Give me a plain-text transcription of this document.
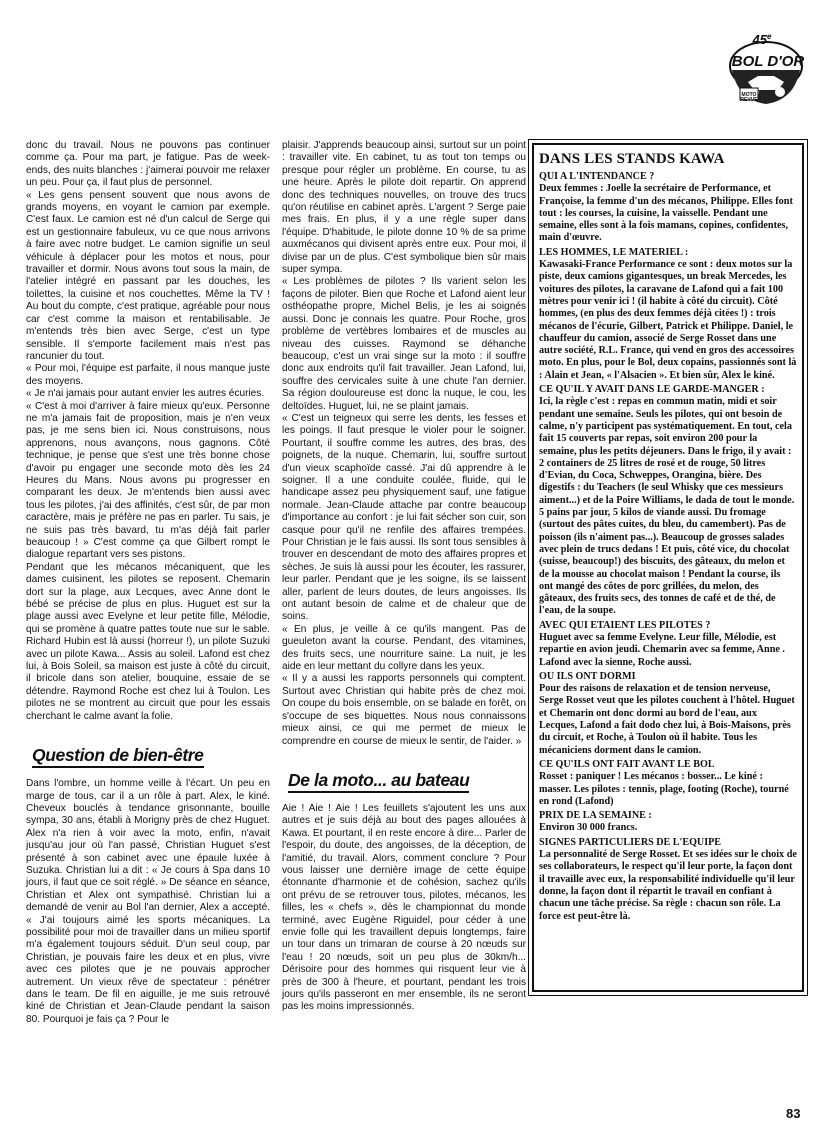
45e
BOL D'OR
MOTO
REVUE

donc du travail. Nous ne pouvons pas continuer comme ça. Pour ma part, je fatigue. Pas de week-ends, des nuits blanches : j'aimerai pouvoir me relaxer un peu. Pour ça, il faut plus de personnel.

« Les gens pensent souvent que nous avons de grands moyens, en voyant le camion par exemple. C'est faux. Le camion est né d'un calcul de Serge qui est un gestionnaire fabuleux, vu ce que nous arrivons à faire avec notre budget. Le camion signifie un seul véhicule à déplacer pour les motos et nous, pour travailler et dormir. Nous avons tout sous la main, de l'atelier intégré en passant par les douches, les toilettes, la cuisine et nos couchettes. Même la TV ! Au bout du compte, c'est pratique, agréable pour nous car c'est comme la maison et rentabilisable. Je m'entends très bien avec Serge, c'est un type sensible. Il s'emporte facilement mais n'est pas rancunier du tout.

« Pour moi, l'équipe est parfaite, il nous manque juste des moyens.

« Je n'ai jamais pour autant envier les autres écuries.

« C'est à moi d'arriver à faire mieux qu'eux. Personne ne m'a jamais fait de proposition, mais je n'en veux pas, je me sens bien ici. Nous construisons, nous apprenons, nous avançons, nous gagnons. Côté technique, je pense que s'est une très bonne chose d'avoir pu engager une seconde moto dès les 24 Heures du Mans. Nous avons pu progresser en comparant les deux. Je m'entends bien aussi avec tous les pilotes, j'ai des affinités, c'est sûr, de par mon caractère, mais je préfère ne pas en parler. Tu sais, je ne suis pas très bavard, tu m'as déjà fait parler beaucoup ! » C'est comme ça que Gilbert rompt le dialogue repartant vers ses pistons.

Pendant que les mécanos mécaniquent, que les dames cuisinent, les pilotes se reposent. Chemarin dort sur la plage, aux Lecques, avec Anne dont le bébé se précise de plus en plus. Huguet est sur la plage aussi avec Evelyne et leur petite fille, Mélodie, qui se promène à quatre pattes toute nue sur le sable. Richard Hubin est là aussi (horreur !), un pilote Suzuki avec un pilote Kawa... Assis au soleil. Lafond est chez lui, à Bois Soleil, sa maison est juste à côté du circuit, il bricole dans son atelier, bouquine, essaie de se détendre. Raymond Roche est chez lui à Toulon. Les pilotes ne se montrent au circuit que pour les essais cherchant le calme avant la folie.

Question de bien-être

Dans l'ombre, un homme veille à l'écart. Un peu en marge de tous, car il a un rôle à part. Alex, le kiné. Cheveux bouclés à tendance grisonnante, bouille sympa, 30 ans, établi à Morigny près de chez Huguet. Alex n'a rien à voir avec la moto, enfin, n'avait jusqu'au jour où l'an passé, Christian Huguet s'est présenté à son cabinet avec une épaule luxée à Suzuka. Christian lui a dit : « Je cours à Spa dans 10 jours, il faut que ce soit réglé. » De séance en séance, Christian et Alex ont sympathisé. Christian lui a demandé de venir au Bol l'an dernier, Alex a accepté. « J'ai toujours aimé les sports mécaniques. La possibilité pour moi de travailler dans un milieu sportif m'a également toujours séduit. D'un seul coup, par Christian, je pouvais faire les deux et en plus, vivre avec ces pilotes que je ne pouvais approcher autrement. Un vieux rêve de spectateur : pénétrer dans le team. De fil en aiguille, je me suis retrouvé kiné de Christian et Jean-Claude pendant la saison 80. Pourquoi je fais ça ? Pour le

plaisir. J'apprends beaucoup ainsi, surtout sur un point : travailler vite. En cabinet, tu as tout ton temps ou presque pour régler un problème. En course, tu as une heure. Après le pilote doit repartir. On apprend donc des techniques nouvelles, on trouve des trucs qu'on réutilise en cabinet après. L'argent ? Serge paie mes frais. En plus, il y a une règle super dans l'équipe. D'habitude, le pilote donne 10 % de sa prime auxmécanos qui divisent après entre eux. Pour moi, il divise par un de plus. C'est symbolique bien sûr mais super sympa.

« Les problèmes de pilotes ? Ils varient selon les façons de piloter. Bien que Roche et Lafond aient leur osthéopathe propre, Michel Belis, je les ai soignés aussi. Donc je connais les quatre. Pour Roche, gros problème de vertèbres lombaires et de muscles au niveau des cuisses. Raymond se déhanche beaucoup, c'est un vrai singe sur la moto : il souffre donc aux endroits qu'il fait travailler. Jean Lafond, lui, souffre des cervicales suite à une chute l'an dernier. Sa région douloureuse est donc la nuque, le cou, les deltoïdes. Huguet, lui, ne se plaint jamais.

« C'est un teigneux qui serre les dents, les fesses et les poings. Il faut presque le violer pour le soigner. Pourtant, il souffre comme les autres, des bras, des poignets, de la nuque. Chemarin, lui, souffre surtout d'un vieux scaphoïde cassé. J'ai dû apprendre à le soigner. Il a une conduite coulée, fluide, qui le handicape assez peu physiquement sauf, une fatigue normale. Jean-Claude attache par contre beaucoup d'importance au confort : je lui fait sécher son cuir, son casque pour qu'il ne renfile des affaires trempées. Pour Christian je le fais aussi. Ils sont tous sensibles à trouver en descendant de moto des affaires propres et sèches. Je suis là aussi pour les écouter, les rassurer, leur parler. Pendant que je les soigne, ils se laissent aller, parlent de leurs doutes, de leurs angoisses. Ils ont autant besoin de calme et de chaleur que de soins.

« En plus, je veille à ce qu'ils mangent. Pas de gueuleton avant la course. Pendant, des vitamines, des fruits secs, une nourriture saine. La nuit, je les aide en leur mettant du collyre dans les yeux.

« Il y a aussi les rapports personnels qui comptent. Surtout avec Christian qui habite près de chez moi. On coupe du bois ensemble, on se balade en forêt, on s'occupe de ses biquettes. Nous nous connaissons mieux ainsi, ce qui me permet de mieux le comprendre en course de mieux le sentir, de l'aider. »

De la moto... au bateau

Aie ! Aie ! Aie ! Les feuillets s'ajoutent les uns aux autres et je suis déjà au bout des pages allouées à Kawa. Et pourtant, il en reste encore à dire... Parler de l'espoir, du doute, des angoisses, de la déception, de l'amitié, du travail. Alors, comment conclure ? Pour vous laisser une dernière image de cette équipe étonnante d'harmonie et de cohésion, sachez qu'ils ont prévu de se retrouver tous, pilotes, mécanos, les filles, les « chefs », dès le championnat du monde terminé, avec Eugène Riguidel, pour céder à une envie folle qui les travaillent depuis longtemps, faire un tour dans un trimaran de course à 20 nœuds sur l'eau ! 20 nœuds, soit un peu plus de 30km/h... Dérisoire pour des hommes qui risquent leur vie à près de 300 à l'heure, et pourtant, pendant les trois jours qu'ils passeront en mer ensemble, ils ne seront pas les moins impressionnés.

DANS LES STANDS KAWA
QUI A L'INTENDANCE ?
Deux femmes : Joelle la secrétaire de Performance, et Françoise, la femme d'un des mécanos, Philippe. Elles font tout : les courses, la cuisine, la vaisselle. Pendant une semaine, elles sont à la fois mamans, copines, confidentes, main d'œuvre.
LES HOMMES, LE MATERIEL :
Kawasaki-France Performance ce sont : deux motos sur la piste, deux camions gigantesques, un break Mercedes, les voitures des pilotes, la caravane de Lafond qui a fait 100 mètres pour venir ici ! (il habite à côté du circuit). Côté hommes, (en plus des deux femmes déjà citées !) : trois mécanos de l'écurie, Gilbert, Patrick et Philippe. Daniel, le chauffeur du camion, associé de Serge Rosset dans une autre société, R.L. France, qui vend en gros des accessoires moto. En plus, pour le Bol, deux copains, passionnés sont là : Alain et Jean, « l'Alsacien ». Et bien sûr, Alex le kiné.
CE QU'IL Y AVAIT DANS LE GARDE-MANGER :
Ici, la règle c'est : repas en commun matin, midi et soir pendant une semaine. Seuls les pilotes, qui ont besoin de calme, n'y participent pas systématiquement. En tout, cela fait 15 couverts par repas, soit environ 200 pour la semaine, plus les petits déjeuners. Dans le frigo, il y avait : 2 containers de 25 litres de rosé et de rouge, 50 litres d'Evian, du Coca, Schweppes, Orangina, bière. Des digestifs : du Teachers (le seul Whisky que ces messieurs aiment...) et de la Poire Williams, le dada de tout le monde. 5 pains par jour, 5 kilos de viande aussi. Du fromage (surtout des pâtes cuites, du bleu, du camembert). Pas de poisson (ils n'aiment pas...). Beaucoup de grosses salades avec plein de trucs dedans ! Et puis, côté vice, du chocolat (suisse, beaucoup!) des biscuits, des gâteaux, du melon et de la mousse au chocolat maison ! Pendant la course, ils ont mangé des côtes de porc grillées, du melon, des gâteaux, des fruits secs, des tonnes de café et de thé, de l'eau, de la soupe.
AVEC QUI ETAIENT LES PILOTES ?
Huguet avec sa femme Evelyne. Leur fille, Mélodie, est repartie en avion jeudi. Chemarin avec sa femme, Anne . Lafond avec la sienne, Roche aussi.
OU ILS ONT DORMI
Pour des raisons de relaxation et de tension nerveuse, Serge Rosset veut que les pilotes couchent à l'hôtel. Huguet et Chemarin ont donc dormi au bord de l'eau, aux Lecques, Lafond a fait dodo chez lui, à Bois-Maisons, près du circuit, et Roche, à Toulon où il habite. Tous les mécaniciens dorment dans le camion.
CE QU'ILS ONT FAIT AVANT LE BOL
Rosset : paniquer ! Les mécanos : bosser... Le kiné : masser. Les pilotes : tennis, plage, footing (Roche), tourné en rond (Lafond)
PRIX DE LA SEMAINE :
Environ 30 000 francs.
SIGNES PARTICULIERS DE L'EQUIPE
La personnalité de Serge Rosset. Et ses idées sur le choix de ses collaborateurs, le respect qu'il leur porte, la façon dont il travaille avec eux, la responsabilité individuelle qu'il leur donne, la façon dont il répartit le travail en confiant à chacun une tâche précise. Sa règle : chacun son rôle. La force est peut-être là.
83
